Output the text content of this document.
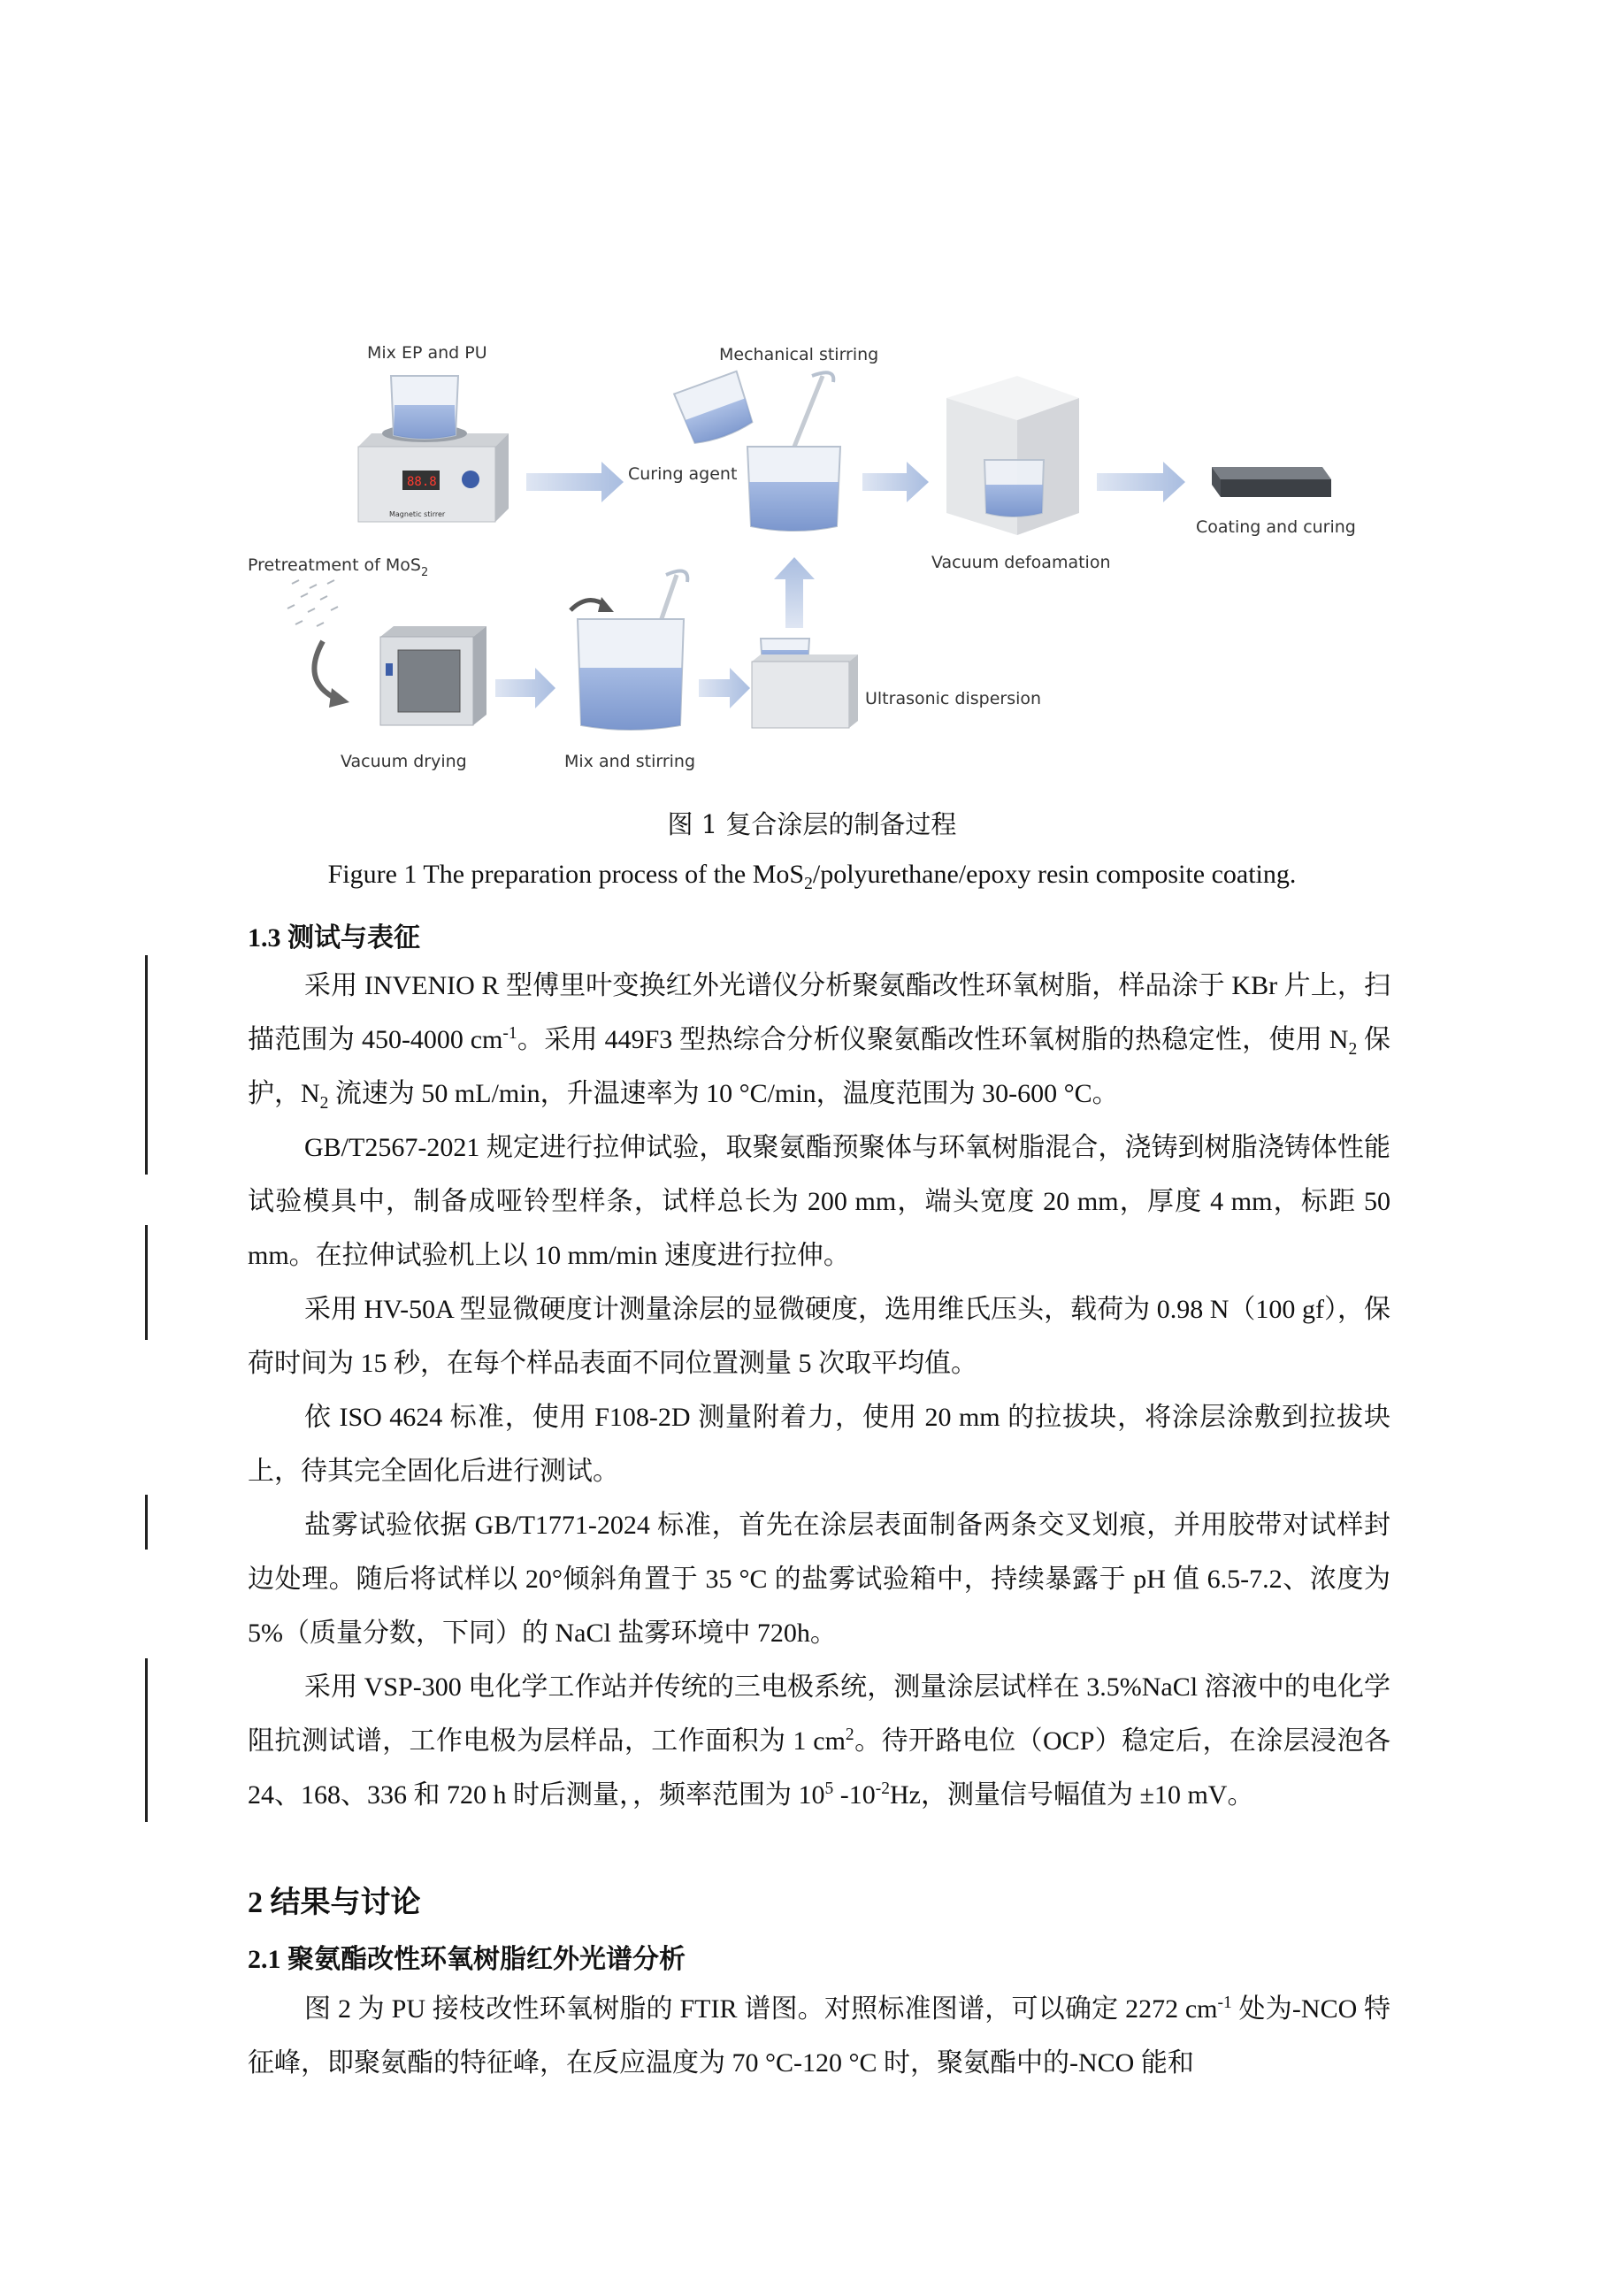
Mix EP and PU
88.8
Magnetic stirrer
Mechanical stirring
Curing agent
Vacuum defoamation
Coating and curing
Pretreatment of MoS$_2$
Vacuum drying	Mix and stirring
Ultrasonic dispersion
图 1 复合涂层的制备过程
Figure 1 The preparation process of the MoS$_2$/polyurethane/epoxy resin composite coating.
1.3 测试与表征
采用 INVENIO R 型傅里叶变换红外光谱仪分析聚氨酯改性环氧树脂，样品涂于 KBr 片上，扫描范围为 450-4000 $cm^{-1}$。采用 449F3 型热综合分析仪聚氨酯改性环氧树脂的热稳定性，使用 $N_2$ 保护，$N_2$ 流速为 50 mL/min，升温速率为 10 °C/min，温度范围为 30-600 °C。
GB/T2567-2021 规定进行拉伸试验，取聚氨酯预聚体与环氧树脂混合，浇铸到树脂浇铸体性能试验模具中，制备成哑铃型样条，试样总长为 200 mm，端头宽度 20 mm，厚度 4 mm，标距 50 mm。在拉伸试验机上以 10 mm/min 速度进行拉伸。
采用 HV-50A 型显微硬度计测量涂层的显微硬度，选用维氏压头，载荷为 0.98 N（100 gf），保荷时间为 15 秒，在每个样品表面不同位置测量 5 次取平均值。
依 ISO 4624 标准，使用 F108-2D 测量附着力，使用 20 mm 的拉拔块，将涂层涂敷到拉拔块上，待其完全固化后进行测试。
盐雾试验依据 GB/T1771-2024 标准，首先在涂层表面制备两条交叉划痕，并用胶带对试样封边处理。随后将试样以 20°倾斜角置于 35 °C 的盐雾试验箱中，持续暴露于 pH 值 6.5-7.2、浓度为 5%（质量分数，下同）的 NaCl 盐雾环境中 720h。
采用 VSP-300 电化学工作站并传统的三电极系统，测量涂层试样在 3.5%NaCl 溶液中的电化学阻抗测试谱，工作电极为层样品，工作面积为 1 $cm^2$。待开路电位（OCP）稳定后，在涂层浸泡各 24、168、336 和 720 h 时后测量，，频率范围为 $10^5$ $-10^{-2}Hz$，测量信号幅值为 ±10 mV。
2 结果与讨论
2.1 聚氨酯改性环氧树脂红外光谱分析
图 2 为 PU 接枝改性环氧树脂的 FTIR 谱图。对照标准图谱，可以确定 2272 $cm^{-1}$ 处为-NCO 特征峰，即聚氨酯的特征峰，在反应温度为 70 °C-120 °C 时，聚氨酯中的-NCO 能和
